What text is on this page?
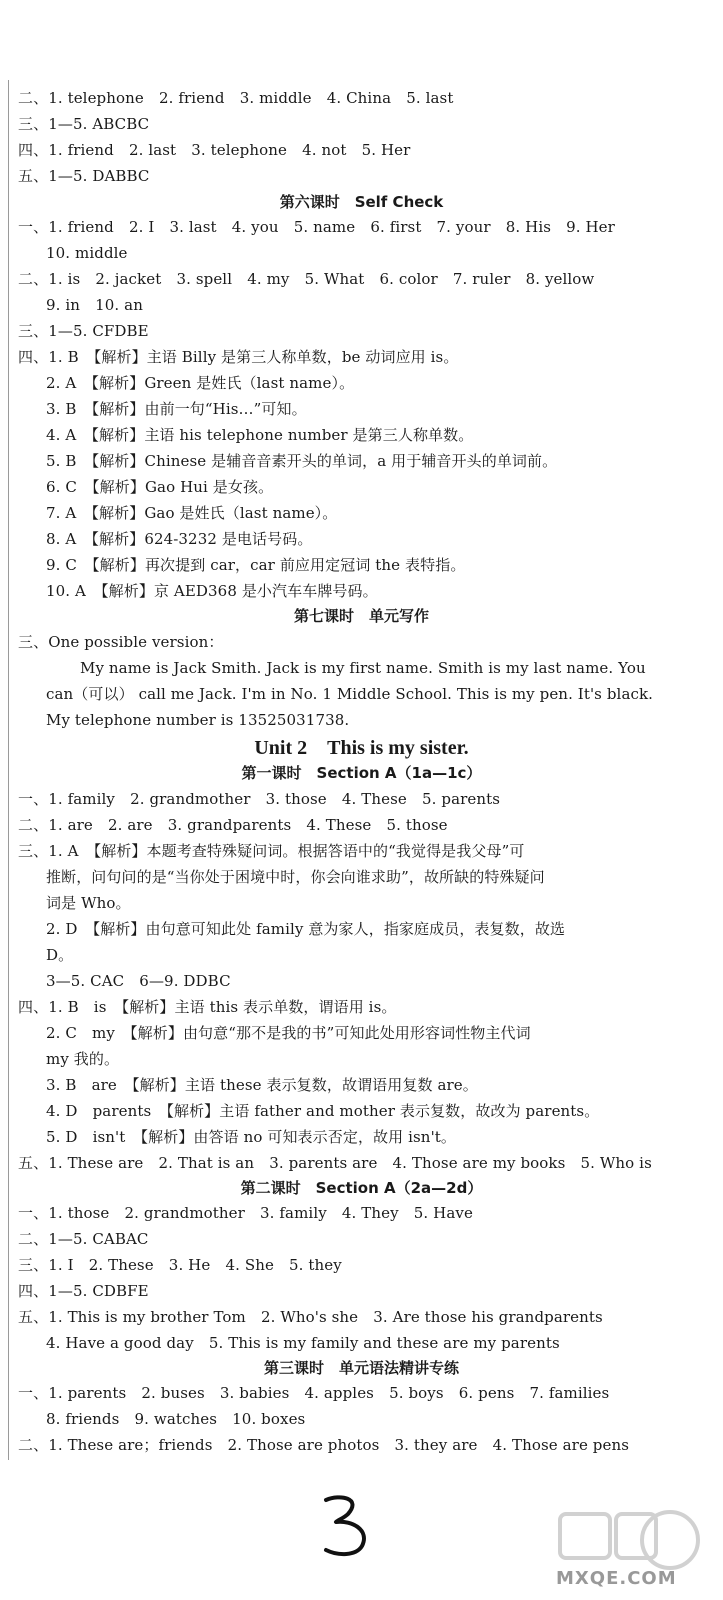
二、1. telephone　2. friend　3. middle　4. China　5. last
三、1—5. ABCBC
四、1. friend　2. last　3. telephone　4. not　5. Her
五、1—5. DABBC
第六课时　Self Check
一、1. friend　2. I　3. last　4. you　5. name　6. first　7. your　8. His　9. Her
10. middle
二、1. is　2. jacket　3. spell　4. my　5. What　6. color　7. ruler　8. yellow
9. in　10. an
三、1—5. CFDBE
四、1. B　【解析】主语 Billy 是第三人称单数，be 动词应用 is。
2. A　【解析】Green 是姓氏（last name）。
3. B　【解析】由前一句“His…”可知。
4. A　【解析】主语 his telephone number 是第三人称单数。
5. B　【解析】Chinese 是辅音音素开头的单词，a 用于辅音开头的单词前。
6. C　【解析】Gao Hui 是女孩。
7. A　【解析】Gao 是姓氏（last name）。
8. A　【解析】624-3232 是电话号码。
9. C　【解析】再次提到 car，car 前应用定冠词 the 表特指。
10. A　【解析】京 AED368 是小汽车车牌号码。
第七课时　单元写作
三、One possible version：
My name is Jack Smith. Jack is my first name. Smith is my last name. You
can（可以） call me Jack. I'm in No. 1 Middle School. This is my pen. It's black.
My telephone number is 13525031738.
Unit 2　This is my sister.
第一课时　Section A（1a—1c）
一、1. family　2. grandmother　3. those　4. These　5. parents
二、1. are　2. are　3. grandparents　4. These　5. those
三、1. A　【解析】本题考查特殊疑问词。根据答语中的“我觉得是我父母”可
推断，问句问的是“当你处于困境中时，你会向谁求助”，故所缺的特殊疑问
词是 Who。
2. D　【解析】由句意可知此处 family 意为家人，指家庭成员，表复数，故选
D。
3—5. CAC　6—9. DDBC
四、1. B　is　【解析】主语 this 表示单数，谓语用 is。
2. C　my　【解析】由句意“那不是我的书”可知此处用形容词性物主代词
my 我的。
3. B　are　【解析】主语 these 表示复数，故谓语用复数 are。
4. D　parents　【解析】主语 father and mother 表示复数，故改为 parents。
5. D　isn't　【解析】由答语 no 可知表示否定，故用 isn't。
五、1. These are　2. That is an　3. parents are　4. Those are my books　5. Who is
第二课时　Section A（2a—2d）
一、1. those　2. grandmother　3. family　4. They　5. Have
二、1—5. CABAC
三、1. I　2. These　3. He　4. She　5. they
四、1—5. CDBFE
五、1. This is my brother Tom　2. Who's she　3. Are those his grandparents
4. Have a good day　5. This is my family and these are my parents
第三课时　单元语法精讲专练
一、1. parents　2. buses　3. babies　4. apples　5. boys　6. pens　7. families
8. friends　9. watches　10. boxes
二、1. These are；friends　2. Those are photos　3. they are　4. Those are pens
MXQE.COM
